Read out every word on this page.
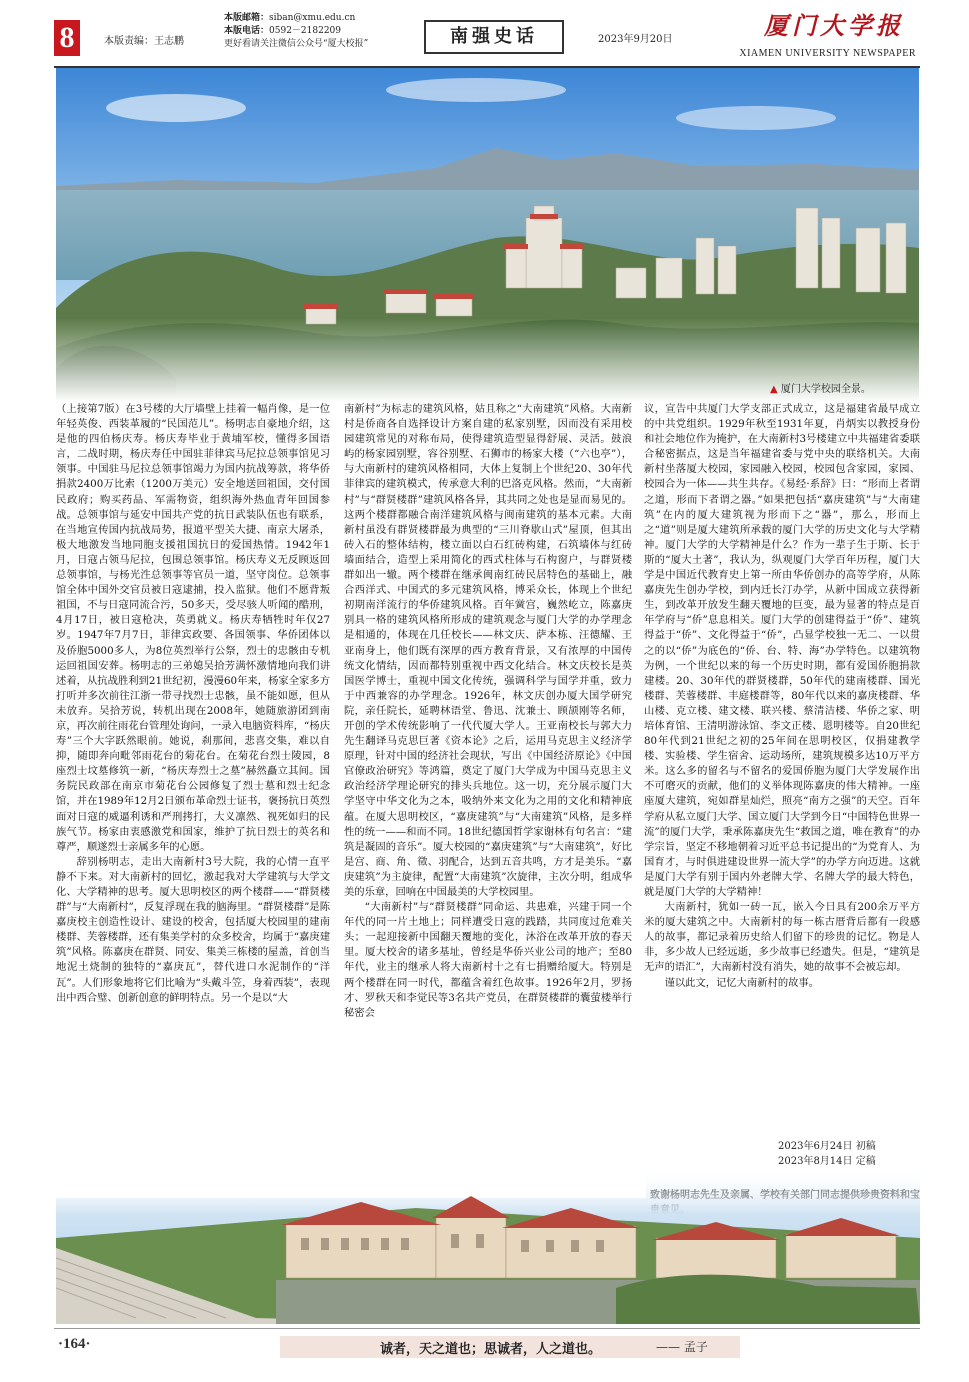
8	本版责编：王志鹏
本版邮箱：siban@xmu.edu.cn
本版电话：0592－2182209
更好看请关注微信公众号“厦大校报”	南强史话	2023年9月20日	厦门大学报
XIAMEN UNIVERSITY NEWSPAPER
▲ 厦门大学校园全景。

（上接第7版）在3号楼的大厅墙壁上挂着一幅肖像，是一位年轻英俊、西装革履的“民国范儿”。杨明志自豪地介绍，这是他的四伯杨庆寿。杨庆寿毕业于黄埔军校，懂得多国语言，二战时期，杨庆寿任中国驻菲律宾马尼拉总领事馆见习领事。中国驻马尼拉总领事馆竭力为国内抗战筹款，将华侨捐款2400万比索（1200万美元）安全地送回祖国，交付国民政府；购买药品、军需物资，组织海外热血青年回国参战。总领事馆与延安中国共产党的抗日武装队伍也有联系，在当地宣传国内抗战局势，报道平型关大捷、南京大屠杀，极大地激发当地同胞支援祖国抗日的爱国热情。1942年1月，日寇占领马尼拉，包围总领事馆。杨庆寿义无反顾返回总领事馆，与杨光泩总领事等官员一道，坚守岗位。总领事馆全体中国外交官员被日寇逮捕，投入监狱。他们不愿背叛祖国，不与日寇同流合污，50多天，受尽骇人听闻的酷刑，4月17日，被日寇枪决，英勇就义。杨庆寿牺牲时年仅27岁。1947年7月7日，菲律宾政要、各国领事、华侨团体以及侨胞5000多人，为8位英烈举行公祭，烈士的忠骸由专机运回祖国安葬。杨明志的三弟媳吴拾芳满怀激情地向我们讲述着，从抗战胜利到21世纪初，漫漫60年来，杨家全家多方打听并多次前往江浙一带寻找烈士忠骸，虽不能如愿，但从未放弃。吴拾芳说，转机出现在2008年，她随旅游团到南京，再次前往雨花台管理处询问，一录入电脑资料库，“杨庆寿”三个大字跃然眼前。她说，刹那间，悲喜交集，难以自抑，随即奔向毗邻雨花台的菊花台。在菊花台烈士陵园，8座烈士坟墓修筑一新，“杨庆寿烈士之墓”赫然矗立其间。国务院民政部在南京市菊花台公园修复了烈士墓和烈士纪念馆，并在1989年12月2日颁布革命烈士证书，褒扬抗日英烈面对日寇的威逼利诱和严刑拷打，大义凛然、视死如归的民族气节。杨家由衷感激党和国家，维护了抗日烈士的英名和尊严，顺遂烈士亲属多年的心愿。

辞别杨明志，走出大南新村3号大院，我的心情一直平静不下来。对大南新村的回忆，激起我对大学建筑与大学文化、大学精神的思考。厦大思明校区的两个楼群——“群贤楼群”与“大南新村”，反复浮现在我的脑海里。“群贤楼群”是陈嘉庚校主创造性设计、建设的校舍，包括厦大校园里的建南楼群、芙蓉楼群，还有集美学村的众多校舍，均属于“嘉庚建筑”风格。陈嘉庚在群贤、同安、集美三栋楼的屋盖，首创当地泥土烧制的独特的“嘉庚瓦”，替代进口水泥制作的“洋瓦”。人们形象地将它们比喻为“头戴斗笠，身着西装”，表现出中西合璧、创新创意的鲜明特点。另一个是以“大

南新村”为标志的建筑风格，姑且称之“大南建筑”风格。大南新村是侨商各自选择设计方案自建的私家别墅，因而没有采用校园建筑常见的对称布局，使得建筑造型显得舒展、灵活。鼓浪屿的杨家园别墅，容谷别墅、石狮市的杨家大楼（“六也亭”），与大南新村的建筑风格相同，大体上复制上个世纪20、30年代菲律宾的建筑模式，传承意大利的巴洛克风格。然而，“大南新村”与“群贤楼群”建筑风格各异，其共同之处也是显而易见的。这两个楼群都融合南洋建筑风格与闽南建筑的基本元素。大南新村虽没有群贤楼群最为典型的“三川脊歇山式”屋顶，但其出砖入石的整体结构，楼立面以白石红砖构建，石筑墙体与红砖墙面结合，造型上采用简化的西式柱体与石构窗户，与群贤楼群如出一辙。两个楼群在继承闽南红砖民居特色的基础上，融合西洋式、中国式的多元建筑风格，博采众长，体现上个世纪初期南洋流行的华侨建筑风格。百年黉宫，巍然屹立，陈嘉庚别具一格的建筑风格所形成的建筑观念与厦门大学的办学理念是相通的，体现在几任校长——林文庆、萨本栋、汪德耀、王亚南身上，他们既有深厚的西方教育背景，又有浓厚的中国传统文化情结，因而都特别重视中西文化结合。林文庆校长是英国医学博士，重视中国文化传统，强调科学与国学并重，致力于中西兼容的办学理念。1926年，林文庆创办厦大国学研究院，亲任院长，延聘林语堂、鲁迅、沈兼士、顾颉刚等名师，开创的学术传统影响了一代代厦大学人。王亚南校长与郭大力先生翻译马克思巨著《资本论》之后，运用马克思主义经济学原理，针对中国的经济社会现状，写出《中国经济原论》《中国官僚政治研究》等鸿篇，奠定了厦门大学成为中国马克思主义政治经济学理论研究的排头兵地位。这一切，充分展示厦门大学坚守中华文化为之本，吸纳外来文化为之用的文化和精神底蕴。在厦大思明校区，“嘉庚建筑”与“大南建筑”风格，是多样性的统一——和而不同。18世纪德国哲学家谢林有句名言：“建筑是凝固的音乐”。厦大校园的“嘉庚建筑”与“大南建筑”，好比是宫、商、角、徵、羽配合，达到五音共鸣，方才是美乐。“嘉庚建筑”为主旋律，配置“大南建筑”次旋律，主次分明，组成华美的乐章，回响在中国最美的大学校园里。

“大南新村”与“群贤楼群”同命运、共患难，兴建于同一个年代的同一片土地上；同样遭受日寇的践踏，共同度过危难关头；一起迎接新中国翻天覆地的变化，沐浴在改革开放的春天里。厦大校舍的诸多基址，曾经是华侨兴业公司的地产；至80年代，业主的继承人将大南新村十之有七捐赠给厦大。特别是两个楼群在同一时代，都蕴含着红色故事。1926年2月，罗扬才、罗秋天和李觉民等3名共产党员，在群贤楼群的囊萤楼举行秘密会

议，宣告中共厦门大学支部正式成立，这是福建省最早成立的中共党组织。1929年秋至1931年夏，肖炳实以教授身份和社会地位作为掩护，在大南新村3号楼建立中共福建省委联合秘密据点，这是当年福建省委与党中央的联络机关。大南新村坐落厦大校园，家园融入校园，校园包含家园，家园、校园合为一体——共生共存。《易经·系辞》曰：“形而上者谓之道，形而下者谓之器。”如果把包括“嘉庚建筑”与“大南建筑”在内的厦大建筑视为形而下之“器”，那么，形而上之“道”则是厦大建筑所承载的厦门大学的历史文化与大学精神。厦门大学的大学精神是什么？作为一辈子生于斯、长于斯的“厦大土著”，我认为，纵观厦门大学百年历程，厦门大学是中国近代教育史上第一所由华侨创办的高等学府，从陈嘉庚先生创办学校，到内迁长汀办学，从新中国成立获得新生，到改革开放发生翻天覆地的巨变，最为显著的特点是百年学府与“侨”息息相关。厦门大学的创建得益于“侨”、建筑得益于“侨”、文化得益于“侨”，凸显学校独一无二、一以贯之的以“侨”为底色的“侨、台、特、海”办学特色。以建筑物为例，一个世纪以来的每一个历史时期，都有爱国侨胞捐款建楼。20、30年代的群贤楼群，50年代的建南楼群、国光楼群、芙蓉楼群、丰庭楼群等，80年代以来的嘉庚楼群、华山楼、克立楼、建文楼、联兴楼、蔡清洁楼、华侨之家、明培体育馆、王清明游泳馆、李文正楼、恩明楼等。自20世纪80年代到21世纪之初的25年间在思明校区，仅捐建教学楼、实验楼、学生宿舍、运动场所，建筑规模多达10万平方米。这么多的留名与不留名的爱国侨胞为厦门大学发展作出不可磨灭的贡献，他们的义举体现陈嘉庚的伟大精神。一座座厦大建筑，宛如群星灿烂，照亮“南方之强”的天空。百年学府从私立厦门大学、国立厦门大学到今日“中国特色世界一流”的厦门大学，秉承陈嘉庚先生“救国之道，唯在教育”的办学宗旨，坚定不移地朝着习近平总书记提出的“为党育人、为国育才，与时俱进建设世界一流大学”的办学方向迈进。这就是厦门大学有别于国内外老牌大学、名牌大学的最大特色，就是厦门大学的大学精神！

大南新村，犹如一砖一瓦，嵌入今日具有200余万平方米的厦大建筑之中。大南新村的每一栋古厝背后都有一段感人的故事，都记录着历史给人们留下的珍贵的记忆。物是人非，多少故人已经远逝，多少故事已经遗失。但是，“建筑是无声的语汇”，大南新村没有消失，她的故事不会被忘却。

谨以此文，记忆大南新村的故事。

2023年6月24日 初稿
2023年8月14日 定稿
·164·	诚者，天之道也；思诚者，人之道也。	—— 孟子
